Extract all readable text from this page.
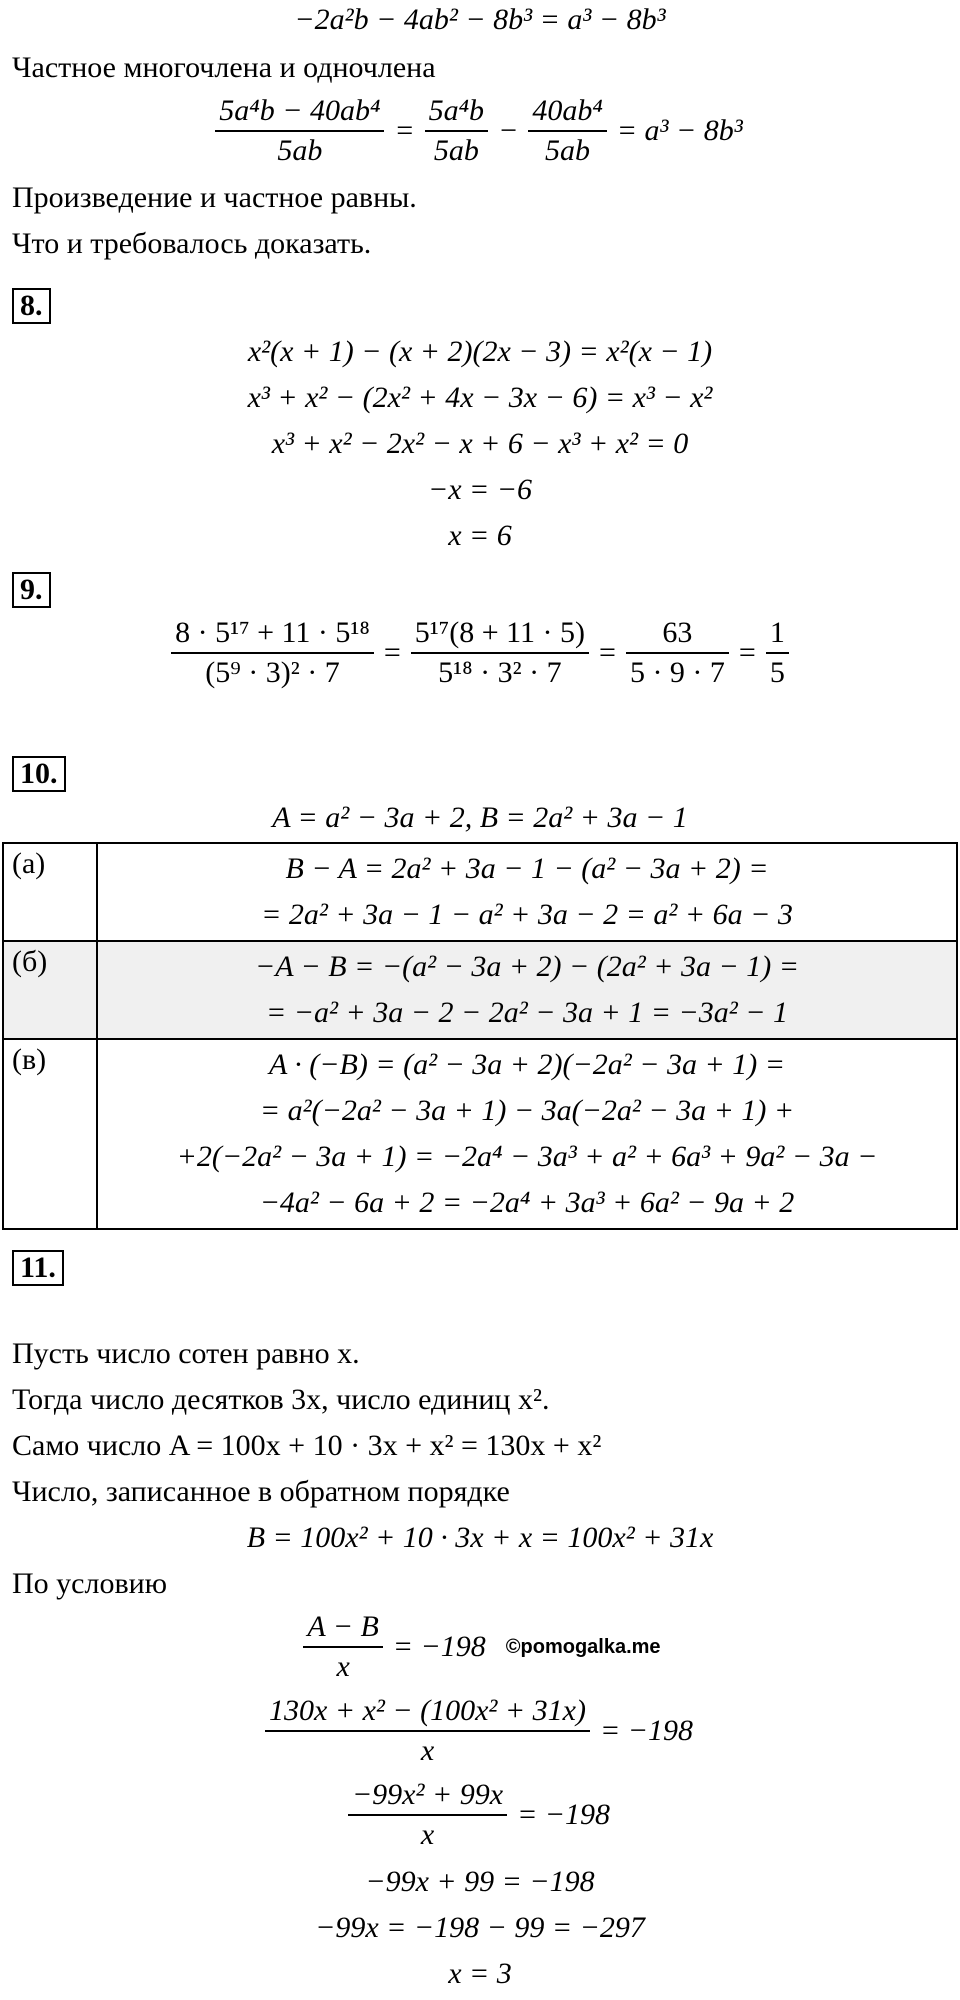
−2a²b − 4ab² − 8b³ = a³ − 8b³
Частное многочлена и одночлена
$\frac{\text{5a⁴b − 40ab⁴}}{5ab} = \frac{\text{5a⁴b}}{5ab} - \frac{\text{40ab⁴}}{5ab} = a^3 - 8b^3$
Произведение и частное равны.
Что и требовалось доказать.
8.
x²(x + 1) − (x + 2)(2x − 3) = x²(x − 1)
x³ + x² − (2x² + 4x − 3x − 6) = x³ − x²
x³ + x² − 2x² − x + 6 − x³ + x² = 0
−x = −6
x = 6
9.
$\frac{\text{8 · 5¹⁷ + 11 · 5¹⁸}}{\text{(5⁹ · 3)² · 7}} = \frac{\text{5¹⁷(8 + 11 · 5)}}{\text{5¹⁸ · 3² · 7}} = \frac{63}{5 \cdot 9 \cdot 7} = \frac{1}{5}$
10.
A = a² − 3a + 2, B = 2a² + 3a − 1
(а)	B − A = 2a² + 3a − 1 − (a² − 3a + 2) =
= 2a² + 3a − 1 − a² + 3a − 2 = a² + 6a − 3

(б)	−A − B = −(a² − 3a + 2) − (2a² + 3a − 1) =
= −a² + 3a − 2 − 2a² − 3a + 1 = −3a² − 1

(в)	A · (−B) = (a² − 3a + 2)(−2a² − 3a + 1) =
= a²(−2a² − 3a + 1) − 3a(−2a² − 3a + 1) +
+2(−2a² − 3a + 1) = −2a⁴ − 3a³ + a² + 6a³ + 9a² − 3a −
−4a² − 6a + 2 = −2a⁴ + 3a³ + 6a² − 9a + 2
11.
Пусть число сотен равно x.
Тогда число десятков 3x, число единиц x².
Само число A = 100x + 10 · 3x + x² = 130x + x²
Число, записанное в обратном порядке
B = 100x² + 10 · 3x + x = 100x² + 31x
По условию
$\frac{A - B}{x} = -198$ ©pomogalka.me
$\frac{\text{130x + x² − (100x² + 31x)}}{x} = -198$
$\frac{\text{−99x² + 99x}}{x} = -198$
−99x + 99 = −198
−99x = −198 − 99 = −297
x = 3
